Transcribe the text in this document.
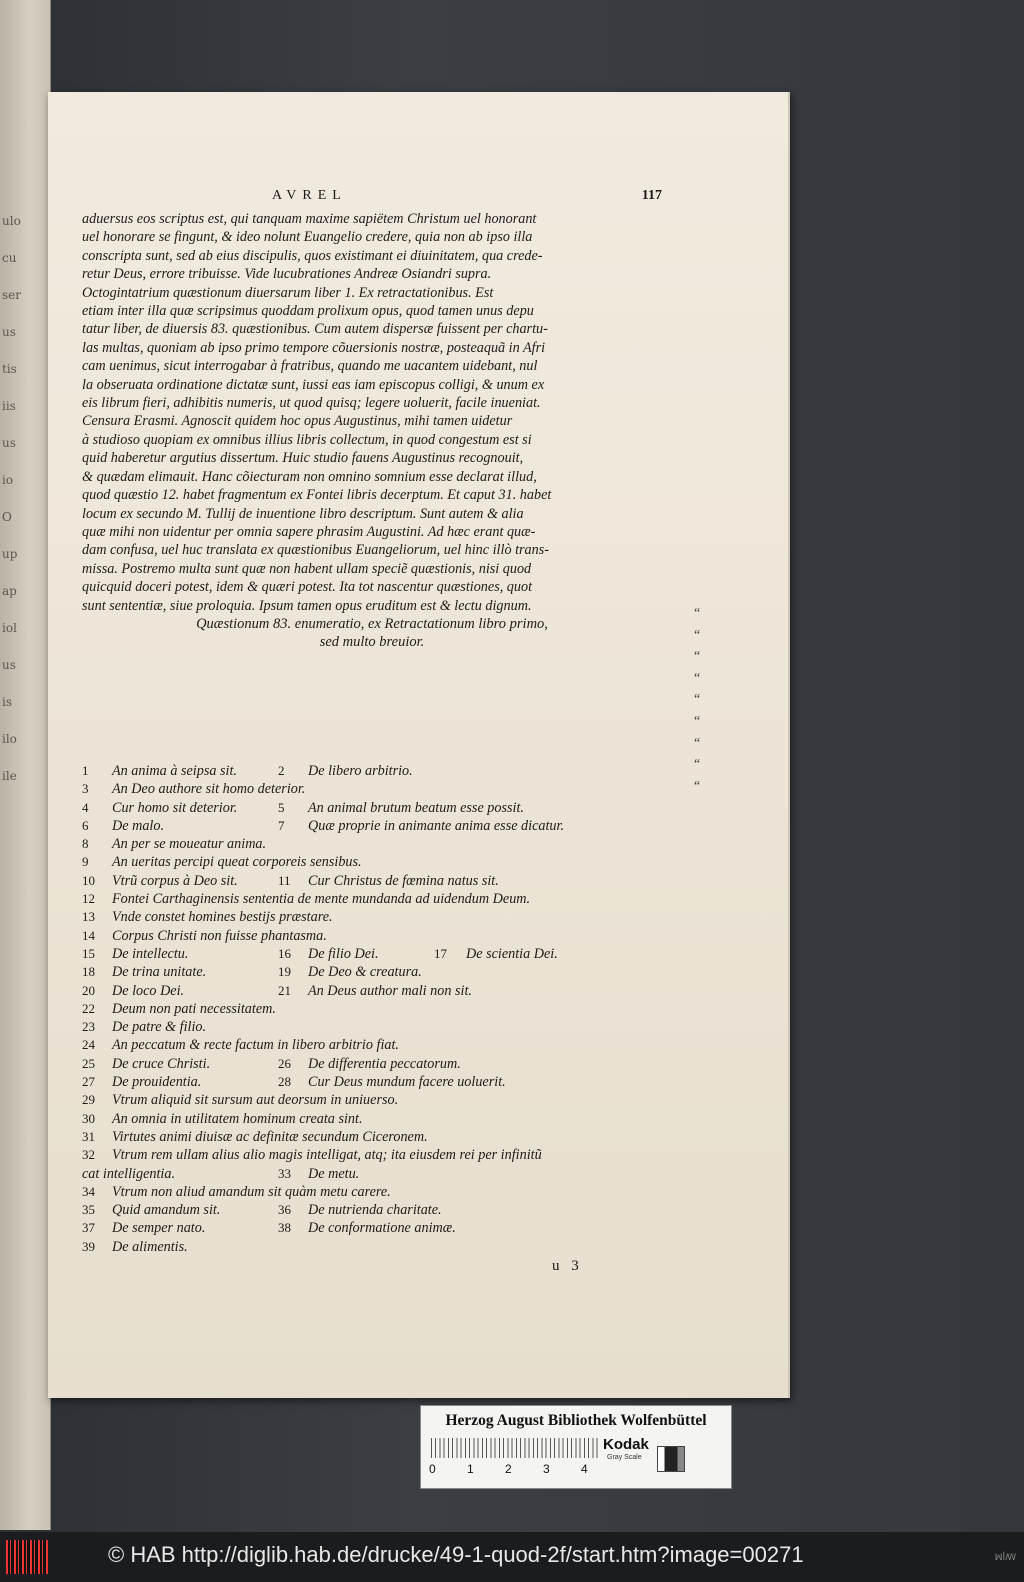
ulo
cu
ser
us
tis
iis
us
io
O
up
ap
iol
us
is
ilo
ile
AVREL	117

aduersus eos scriptus est, qui tanquam maxime sapiëtem Christum uel honorant

uel honorare se fingunt, & ideo nolunt Euangelio credere, quia non ab ipso illa

conscripta sunt, sed ab eius discipulis, quos existimant ei diuinitatem, qua crede-

retur Deus, errore tribuisse. Vide lucubrationes Andreæ Osiandri supra.

Octogintatrium quæstionum diuersarum liber 1. Ex retractationibus. Est

etiam inter illa quæ scripsimus quoddam prolixum opus, quod tamen unus depu

tatur liber, de diuersis 83. quæstionibus. Cum autem dispersæ fuissent per chartu-

las multas, quoniam ab ipso primo tempore cõuersionis nostræ, posteaquã in Afri

cam uenimus, sicut interrogabar à fratribus, quando me uacantem uidebant, nul

la obseruata ordinatione dictatæ sunt, iussi eas iam episcopus colligi, & unum ex

eis librum fieri, adhibitis numeris, ut quod quisq; legere uoluerit, facile inueniat.

Censura Erasmi. Agnoscit quidem hoc opus Augustinus, mihi tamen uidetur

à studioso quopiam ex omnibus illius libris collectum, in quod congestum est si

quid haberetur argutius dissertum. Huic studio fauens Augustinus recognouit,

& quædam elimauit. Hanc cõiecturam non omnino somnium esse declarat illud,

quod quæstio 12. habet fragmentum ex Fontei libris decerptum. Et caput 31. habet

locum ex secundo M. Tullij de inuentione libro descriptum. Sunt autem & alia

quæ mihi non uidentur per omnia sapere phrasim Augustini. Ad hæc erant quæ-

dam confusa, uel huc translata ex quæstionibus Euangeliorum, uel hinc illò trans-

missa. Postremo multa sunt quæ non habent ullam speciẽ quæstionis, nisi quod

quicquid doceri potest, idem & quæri potest. Ita tot nascentur quæstiones, quot

sunt sententiæ, siue proloquia. Ipsum tamen opus eruditum est & lectu dignum.

Quæstionum 83. enumeratio, ex Retractationum libro primo,
sed multo breuior.
“
“
“
“
“
“
“
“
“
1 An anima à seipsa sit.	2 De libero arbitrio.
3 An Deo authore sit homo deterior.
4 Cur homo sit deterior.	5 An animal brutum beatum esse possit.
6 De malo.	7 Quæ proprie in animante anima esse dicatur.
8 An per se moueatur anima.
9 An ueritas percipi queat corporeis sensibus.
10 Vtrũ corpus à Deo sit.	11 Cur Christus de fœmina natus sit.
12 Fontei Carthaginensis sententia de mente mundanda ad uidendum Deum.
13 Vnde constet homines bestijs præstare.
14 Corpus Christi non fuisse phantasma.
15 De intellectu.	16 De filio Dei.	17 De scientia Dei.
18 De trina unitate.	19 De Deo & creatura.
20 De loco Dei.	21 An Deus author mali non sit.
22 Deum non pati necessitatem.
23 De patre & filio.
24 An peccatum & recte factum in libero arbitrio fiat.
25 De cruce Christi.	26 De differentia peccatorum.
27 De prouidentia.	28 Cur Deus mundum facere uoluerit.
29 Vtrum aliquid sit sursum aut deorsum in uniuerso.
30 An omnia in utilitatem hominum creata sint.
31 Virtutes animi diuisæ ac definitæ secundum Ciceronem.
32 Vtrum rem ullam alius alio magis intelligat, atq; ita eiusdem rei per infinitũ
cat intelligentia.	33 De metu.
34 Vtrum non aliud amandum sit quàm metu carere.
35 Quid amandum sit.	36 De nutrienda charitate.
37 De semper nato.	38 De conformatione animæ.
39 De alimentis.
u 3
Herzog August Bibliothek Wolfenbüttel
0	1	2	3	4
Kodak
Gray Scale
© HAB http://diglib.hab.de/drucke/49-1-quod-2f/start.htm?image=00271	ꟽꟾꟿ
